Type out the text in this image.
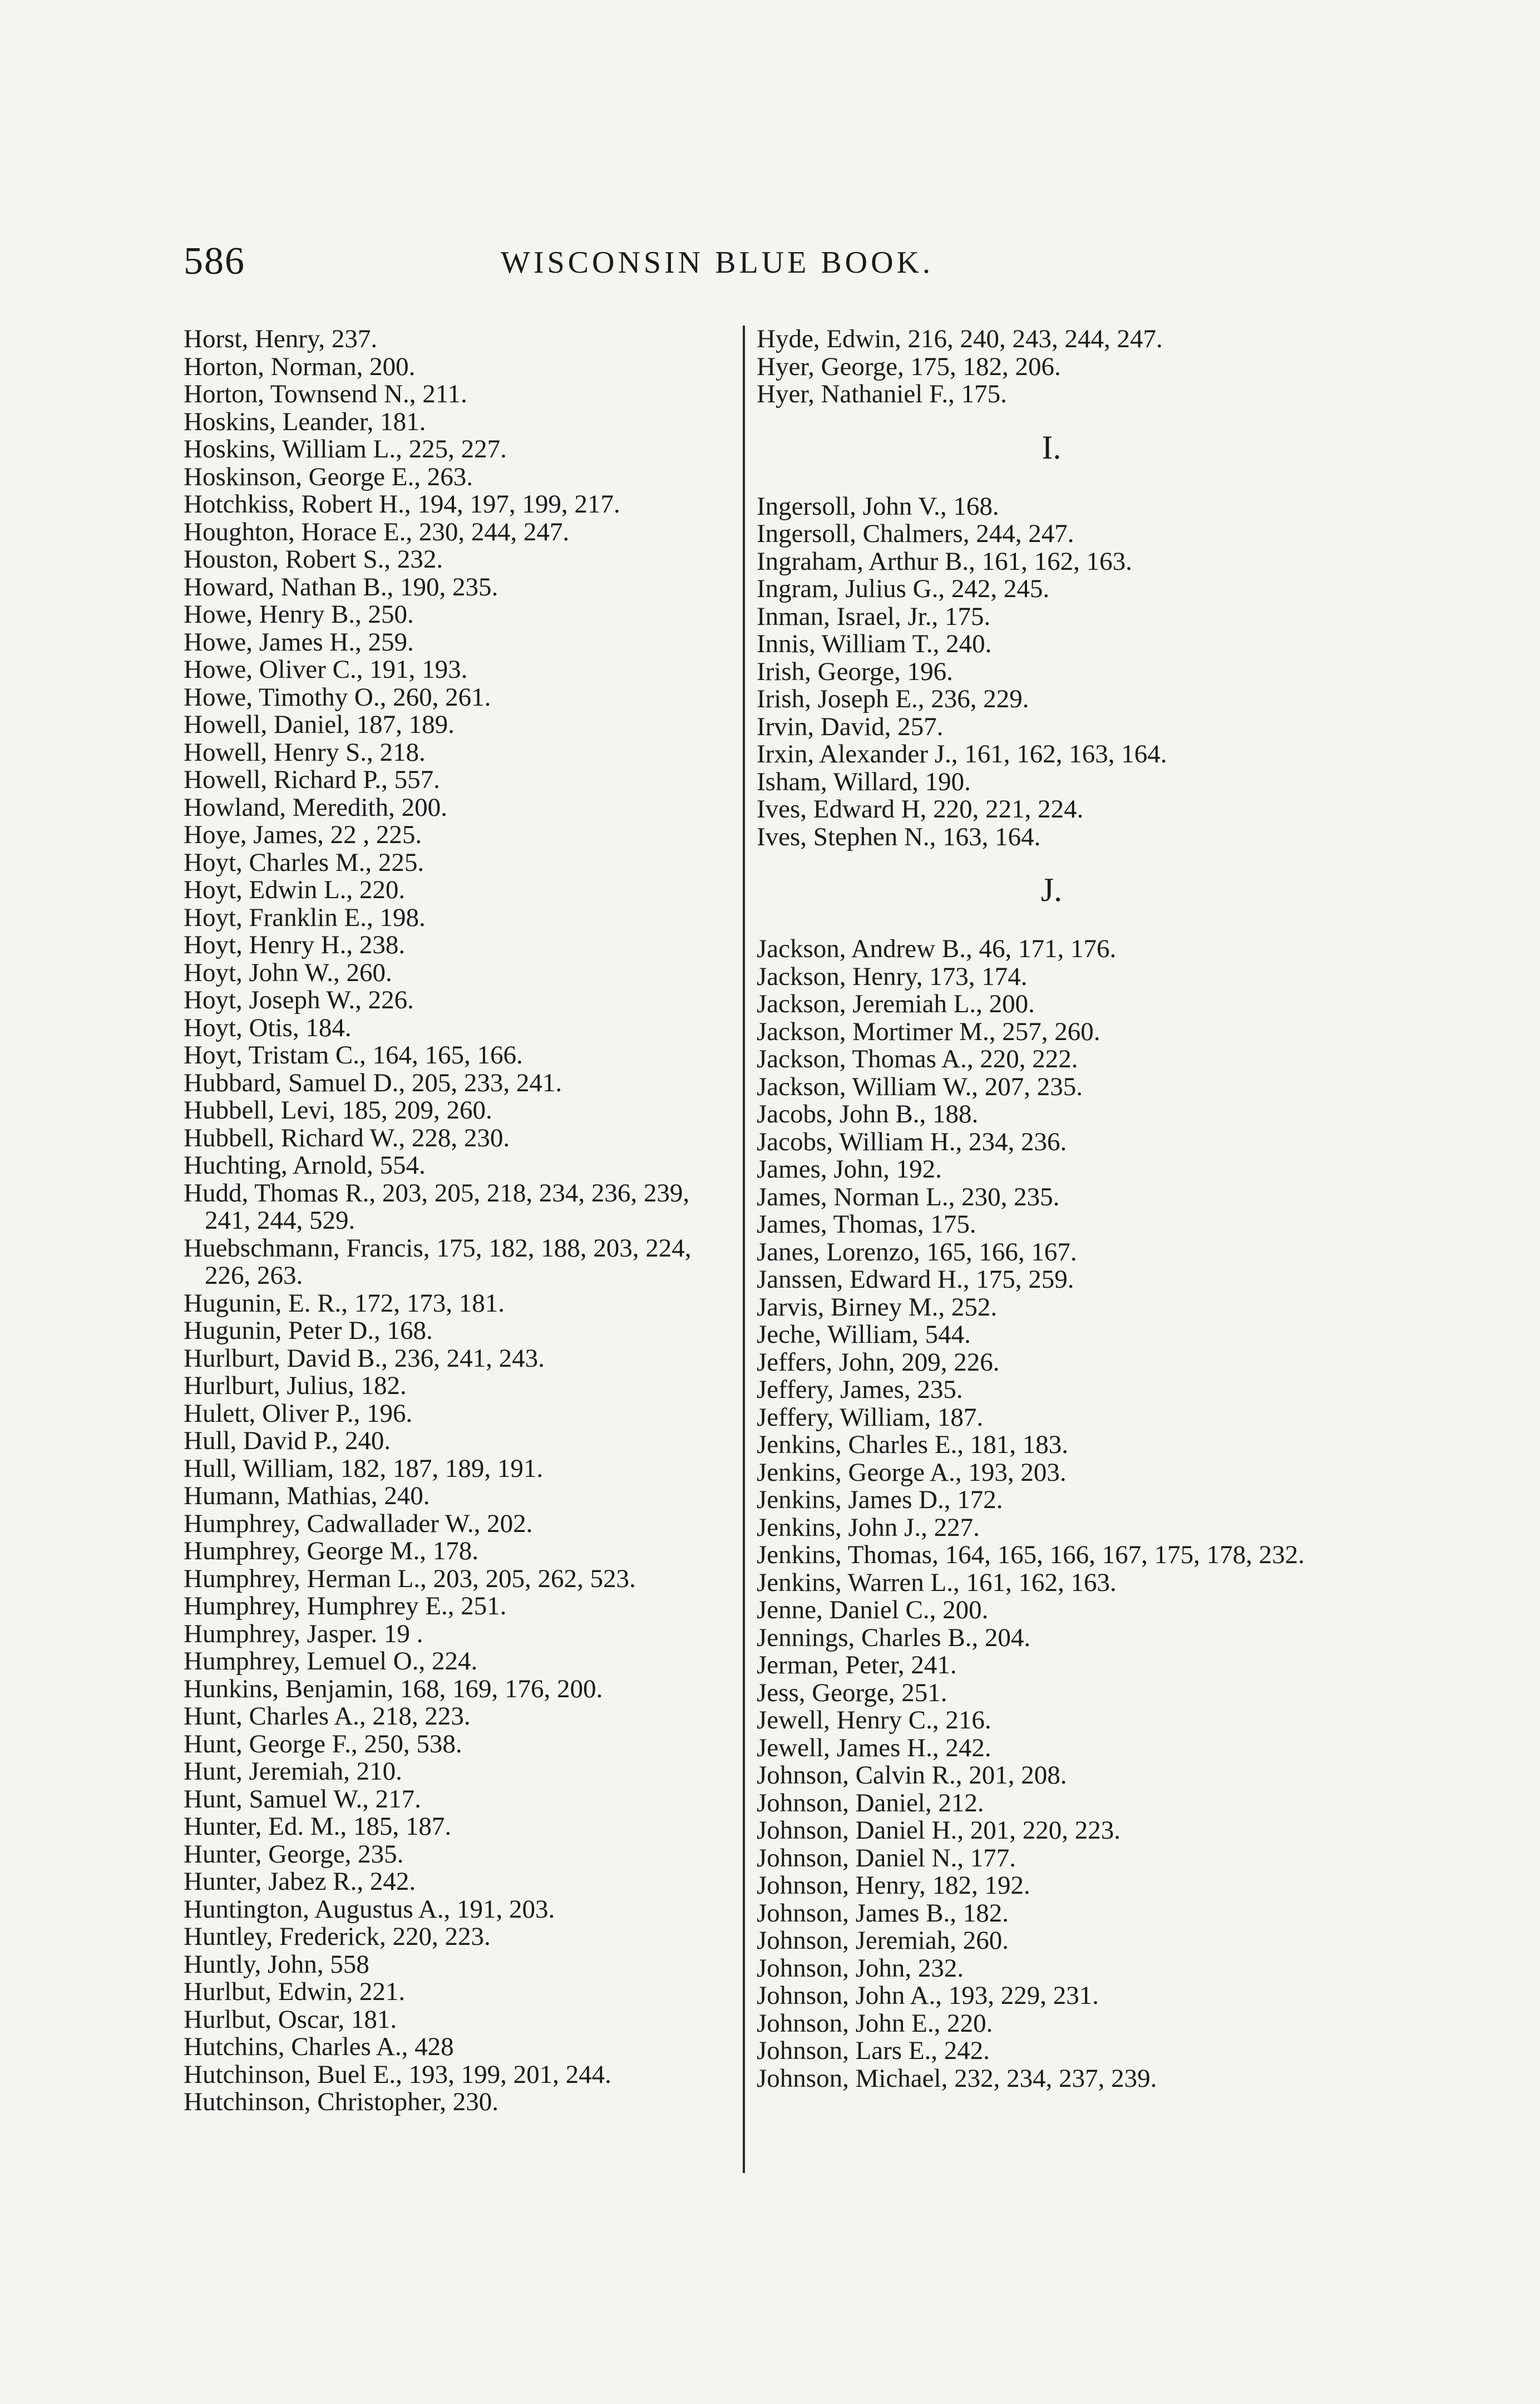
586	WISCONSIN BLUE BOOK.
Horst, Henry, 237.
Horton, Norman, 200.
Horton, Townsend N., 211.
Hoskins, Leander, 181.
Hoskins, William L., 225, 227.
Hoskinson, George E., 263.
Hotchkiss, Robert H., 194, 197, 199, 217.
Houghton, Horace E., 230, 244, 247.
Houston, Robert S., 232.
Howard, Nathan B., 190, 235.
Howe, Henry B., 250.
Howe, James H., 259.
Howe, Oliver C., 191, 193.
Howe, Timothy O., 260, 261.
Howell, Daniel, 187, 189.
Howell, Henry S., 218.
Howell, Richard P., 557.
Howland, Meredith, 200.
Hoye, James, 22 , 225.
Hoyt, Charles M., 225.
Hoyt, Edwin L., 220.
Hoyt, Franklin E., 198.
Hoyt, Henry H., 238.
Hoyt, John W., 260.
Hoyt, Joseph W., 226.
Hoyt, Otis, 184.
Hoyt, Tristam C., 164, 165, 166.
Hubbard, Samuel D., 205, 233, 241.
Hubbell, Levi, 185, 209, 260.
Hubbell, Richard W., 228, 230.
Huchting, Arnold, 554.
Hudd, Thomas R., 203, 205, 218, 234, 236, 239, 241, 244, 529.
Huebschmann, Francis, 175, 182, 188, 203, 224, 226, 263.
Hugunin, E. R., 172, 173, 181.
Hugunin, Peter D., 168.
Hurlburt, David B., 236, 241, 243.
Hurlburt, Julius, 182.
Hulett, Oliver P., 196.
Hull, David P., 240.
Hull, William, 182, 187, 189, 191.
Humann, Mathias, 240.
Humphrey, Cadwallader W., 202.
Humphrey, George M., 178.
Humphrey, Herman L., 203, 205, 262, 523.
Humphrey, Humphrey E., 251.
Humphrey, Jasper. 19 .
Humphrey, Lemuel O., 224.
Hunkins, Benjamin, 168, 169, 176, 200.
Hunt, Charles A., 218, 223.
Hunt, George F., 250, 538.
Hunt, Jeremiah, 210.
Hunt, Samuel W., 217.
Hunter, Ed. M., 185, 187.
Hunter, George, 235.
Hunter, Jabez R., 242.
Huntington, Augustus A., 191, 203.
Huntley, Frederick, 220, 223.
Huntly, John, 558
Hurlbut, Edwin, 221.
Hurlbut, Oscar, 181.
Hutchins, Charles A., 428
Hutchinson, Buel E., 193, 199, 201, 244.
Hutchinson, Christopher, 230.
Hyde, Edwin, 216, 240, 243, 244, 247.
Hyer, George, 175, 182, 206.
Hyer, Nathaniel F., 175.
I.
Ingersoll, John V., 168.
Ingersoll, Chalmers, 244, 247.
Ingraham, Arthur B., 161, 162, 163.
Ingram, Julius G., 242, 245.
Inman, Israel, Jr., 175.
Innis, William T., 240.
Irish, George, 196.
Irish, Joseph E., 236, 229.
Irvin, David, 257.
Irxin, Alexander J., 161, 162, 163, 164.
Isham, Willard, 190.
Ives, Edward H, 220, 221, 224.
Ives, Stephen N., 163, 164.
J.
Jackson, Andrew B., 46, 171, 176.
Jackson, Henry, 173, 174.
Jackson, Jeremiah L., 200.
Jackson, Mortimer M., 257, 260.
Jackson, Thomas A., 220, 222.
Jackson, William W., 207, 235.
Jacobs, John B., 188.
Jacobs, William H., 234, 236.
James, John, 192.
James, Norman L., 230, 235.
James, Thomas, 175.
Janes, Lorenzo, 165, 166, 167.
Janssen, Edward H., 175, 259.
Jarvis, Birney M., 252.
Jeche, William, 544.
Jeffers, John, 209, 226.
Jeffery, James, 235.
Jeffery, William, 187.
Jenkins, Charles E., 181, 183.
Jenkins, George A., 193, 203.
Jenkins, James D., 172.
Jenkins, John J., 227.
Jenkins, Thomas, 164, 165, 166, 167, 175, 178, 232.
Jenkins, Warren L., 161, 162, 163.
Jenne, Daniel C., 200.
Jennings, Charles B., 204.
Jerman, Peter, 241.
Jess, George, 251.
Jewell, Henry C., 216.
Jewell, James H., 242.
Johnson, Calvin R., 201, 208.
Johnson, Daniel, 212.
Johnson, Daniel H., 201, 220, 223.
Johnson, Daniel N., 177.
Johnson, Henry, 182, 192.
Johnson, James B., 182.
Johnson, Jeremiah, 260.
Johnson, John, 232.
Johnson, John A., 193, 229, 231.
Johnson, John E., 220.
Johnson, Lars E., 242.
Johnson, Michael, 232, 234, 237, 239.
